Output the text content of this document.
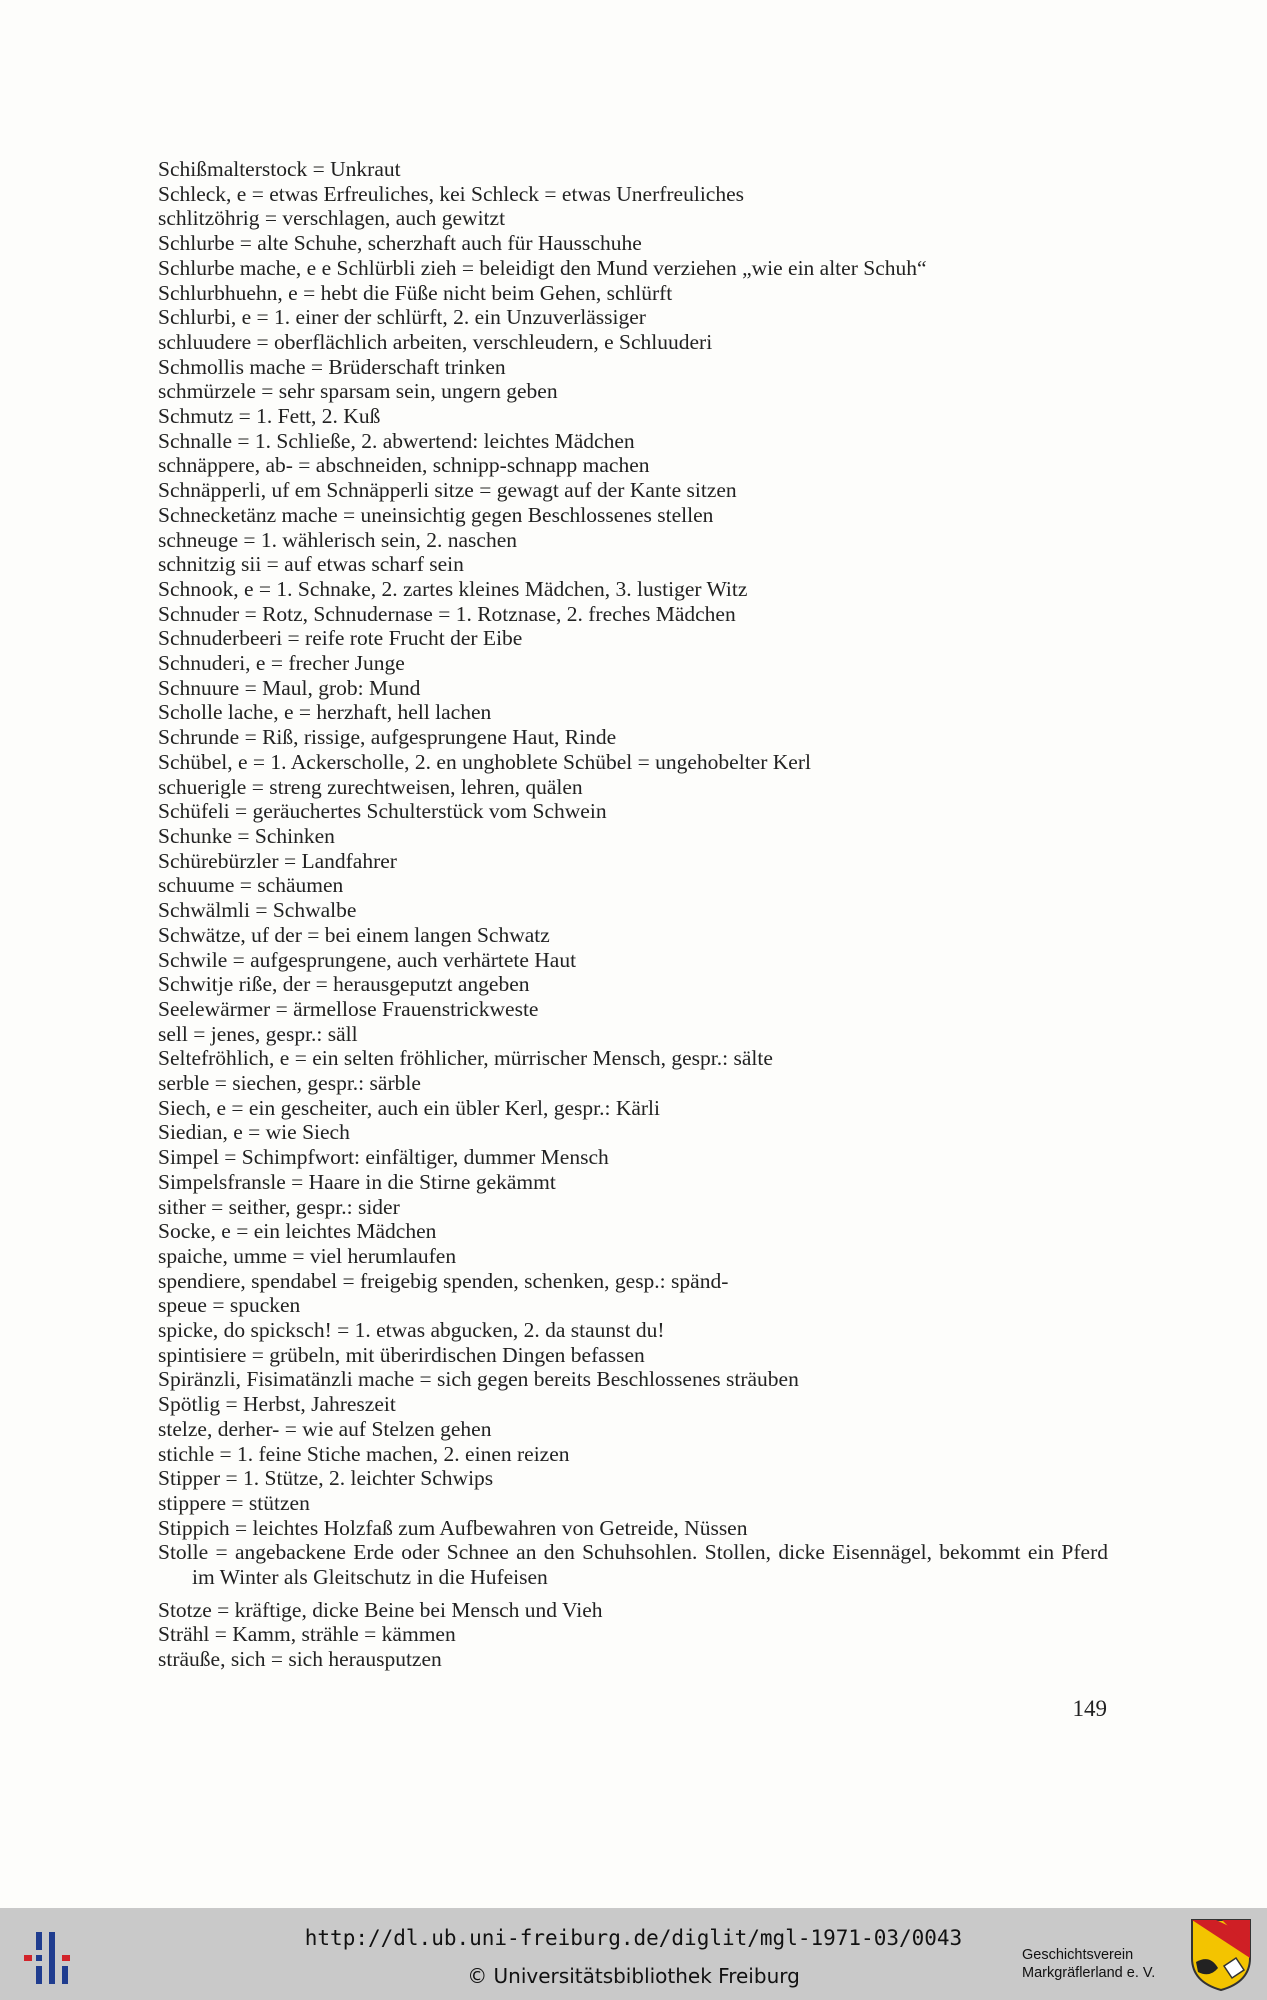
Schißmalterstock = Unkraut
Schleck, e = etwas Erfreuliches, kei Schleck = etwas Unerfreuliches
schlitzöhrig = verschlagen, auch gewitzt
Schlurbe = alte Schuhe, scherzhaft auch für Hausschuhe
Schlurbe mache, e e Schlürbli zieh = beleidigt den Mund verziehen „wie ein alter Schuh“
Schlurbhuehn, e = hebt die Füße nicht beim Gehen, schlürft
Schlurbi, e = 1. einer der schlürft, 2. ein Unzuverlässiger
schluudere = oberflächlich arbeiten, verschleudern, e Schluuderi
Schmollis mache = Brüderschaft trinken
schmürzele = sehr sparsam sein, ungern geben
Schmutz = 1. Fett, 2. Kuß
Schnalle = 1. Schließe, 2. abwertend: leichtes Mädchen
schnäppere, ab- = abschneiden, schnipp-schnapp machen
Schnäpperli, uf em Schnäpperli sitze = gewagt auf der Kante sitzen
Schnecketänz mache = uneinsichtig gegen Beschlossenes stellen
schneuge = 1. wählerisch sein, 2. naschen
schnitzig sii = auf etwas scharf sein
Schnook, e = 1. Schnake, 2. zartes kleines Mädchen, 3. lustiger Witz
Schnuder = Rotz, Schnudernase = 1. Rotznase, 2. freches Mädchen
Schnuderbeeri = reife rote Frucht der Eibe
Schnuderi, e = frecher Junge
Schnuure = Maul, grob: Mund
Scholle lache, e = herzhaft, hell lachen
Schrunde = Riß, rissige, aufgesprungene Haut, Rinde
Schübel, e = 1. Ackerscholle, 2. en unghoblete Schübel = ungehobelter Kerl
schuerigle = streng zurechtweisen, lehren, quälen
Schüfeli = geräuchertes Schulterstück vom Schwein
Schunke = Schinken
Schürebürzler = Landfahrer
schuume = schäumen
Schwälmli = Schwalbe
Schwätze, uf der = bei einem langen Schwatz
Schwile = aufgesprungene, auch verhärtete Haut
Schwitje riße, der = herausgeputzt angeben
Seelewärmer = ärmellose Frauenstrickweste
sell = jenes, gespr.: säll
Seltefröhlich, e = ein selten fröhlicher, mürrischer Mensch, gespr.: sälte
serble = siechen, gespr.: särble
Siech, e = ein gescheiter, auch ein übler Kerl, gespr.: Kärli
Siedian, e = wie Siech
Simpel = Schimpfwort: einfältiger, dummer Mensch
Simpelsfransle = Haare in die Stirne gekämmt
sither = seither, gespr.: sider
Socke, e = ein leichtes Mädchen
spaiche, umme = viel herumlaufen
spendiere, spendabel = freigebig spenden, schenken, gesp.: spänd-
speue = spucken
spicke, do spicksch! = 1. etwas abgucken, 2. da staunst du!
spintisiere = grübeln, mit überirdischen Dingen befassen
Spiränzli, Fisimatänzli mache = sich gegen bereits Beschlossenes sträuben
Spötlig = Herbst, Jahreszeit
stelze, derher- = wie auf Stelzen gehen
stichle = 1. feine Stiche machen, 2. einen reizen
Stipper = 1. Stütze, 2. leichter Schwips
stippere = stützen
Stippich = leichtes Holzfaß zum Aufbewahren von Getreide, Nüssen
Stolle = angebackene Erde oder Schnee an den Schuhsohlen. Stollen, dicke Eisennägel, bekommt ein Pferd im Winter als Gleitschutz in die Hufeisen
Stotze = kräftige, dicke Beine bei Mensch und Vieh
Strähl = Kamm, strähle = kämmen
sträuße, sich = sich herausputzen
149
http://dl.ub.uni-freiburg.de/diglit/mgl-1971-03/0043
© Universitätsbibliothek Freiburg
Geschichtsverein
Markgräflerland e. V.
